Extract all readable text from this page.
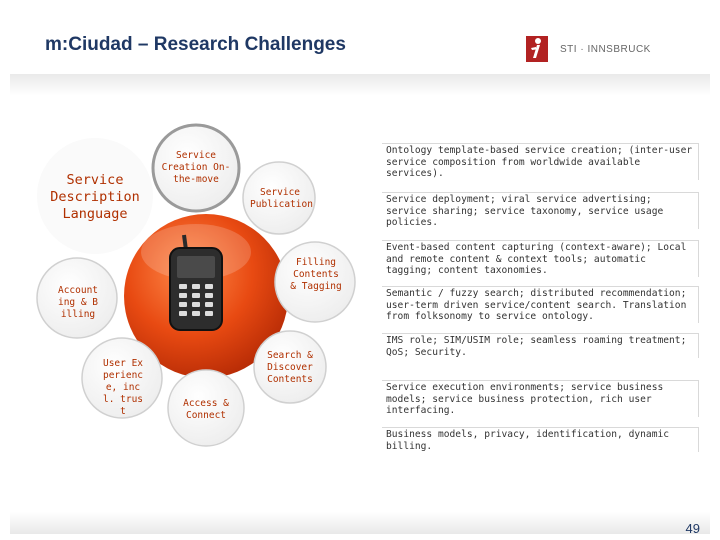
m:Ciudad – Research Challenges	STI · INNSBRUCK
Service Description Language
Service Creation On-the-move
Service Publication
Filling Contents & Tagging
Search & Discover Contents
Access & Connect
User Experience, incl. trust
Accounting & Billing
Ontology template-based service creation; (inter-user service composition from worldwide available services).
Service deployment; viral service advertising; service sharing; service taxonomy, service usage policies.
Event-based content capturing (context-aware); Local and remote content & context tools; automatic tagging; content taxonomies.
Semantic / fuzzy search; distributed recommendation; user-term driven service/content search. Translation from folksonomy to service ontology.
IMS role; SIM/USIM role; seamless roaming treatment; QoS; Security.
Service execution environments; service business models; service business protection, rich user interfacing.
Business models, privacy, identification, dynamic billing.
49
